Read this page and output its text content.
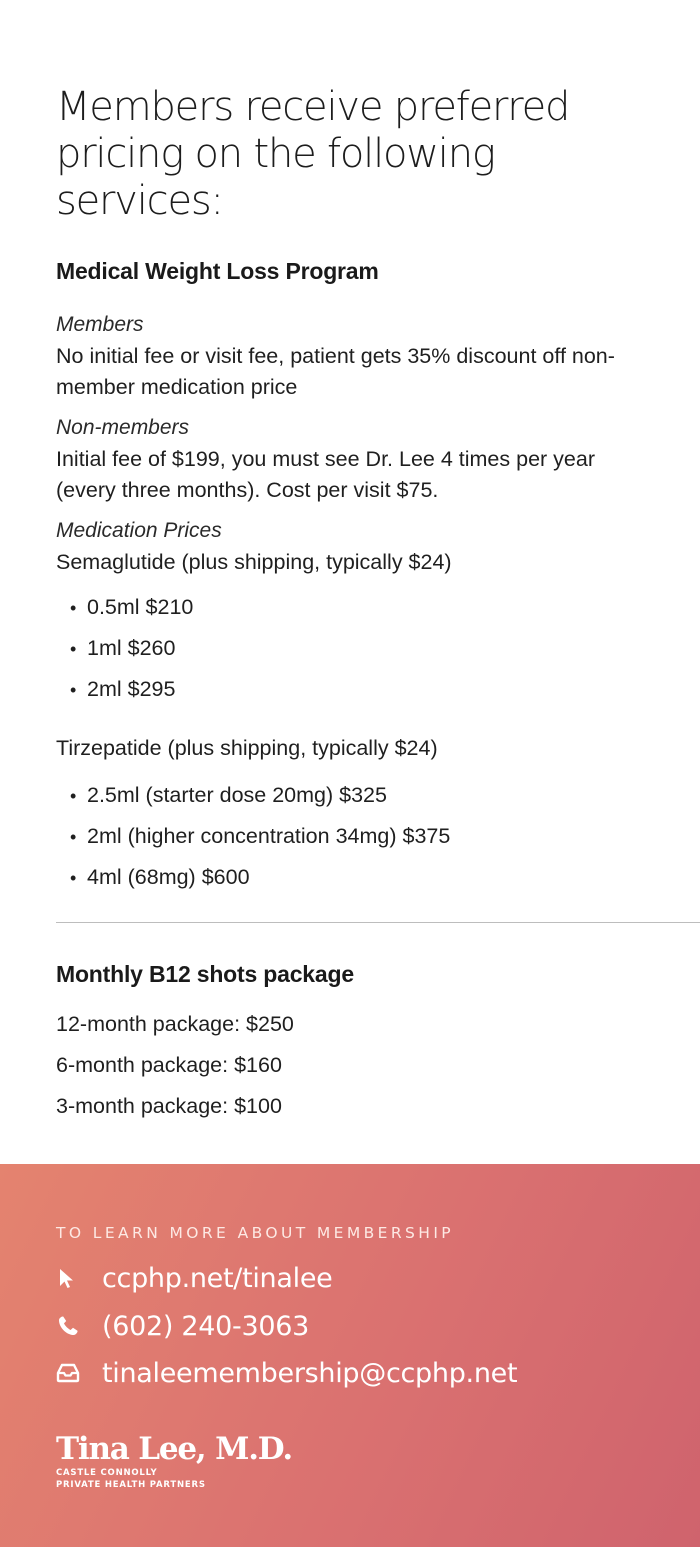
Members receive preferred pricing on the following services:
Medical Weight Loss Program
Members
No initial fee or visit fee, patient gets 35% discount off non-member medication price
Non-members
Initial fee of $199, you must see Dr. Lee 4 times per year (every three months). Cost per visit $75.
Medication Prices
Semaglutide (plus shipping, typically $24)
• 0.5ml $210
• 1ml $260
• 2ml $295
Tirzepatide (plus shipping, typically $24)
• 2.5ml (starter dose 20mg) $325
• 2ml (higher concentration 34mg) $375
• 4ml (68mg) $600
Monthly B12 shots package
12-month package: $250
6-month package: $160
3-month package: $100
TO LEARN MORE ABOUT MEMBERSHIP
ccphp.net/tinalee
(602) 240-3063
tinaleemembership@ccphp.net
Tina Lee, M.D.
CASTLE CONNOLLY
PRIVATE HEALTH PARTNERS
